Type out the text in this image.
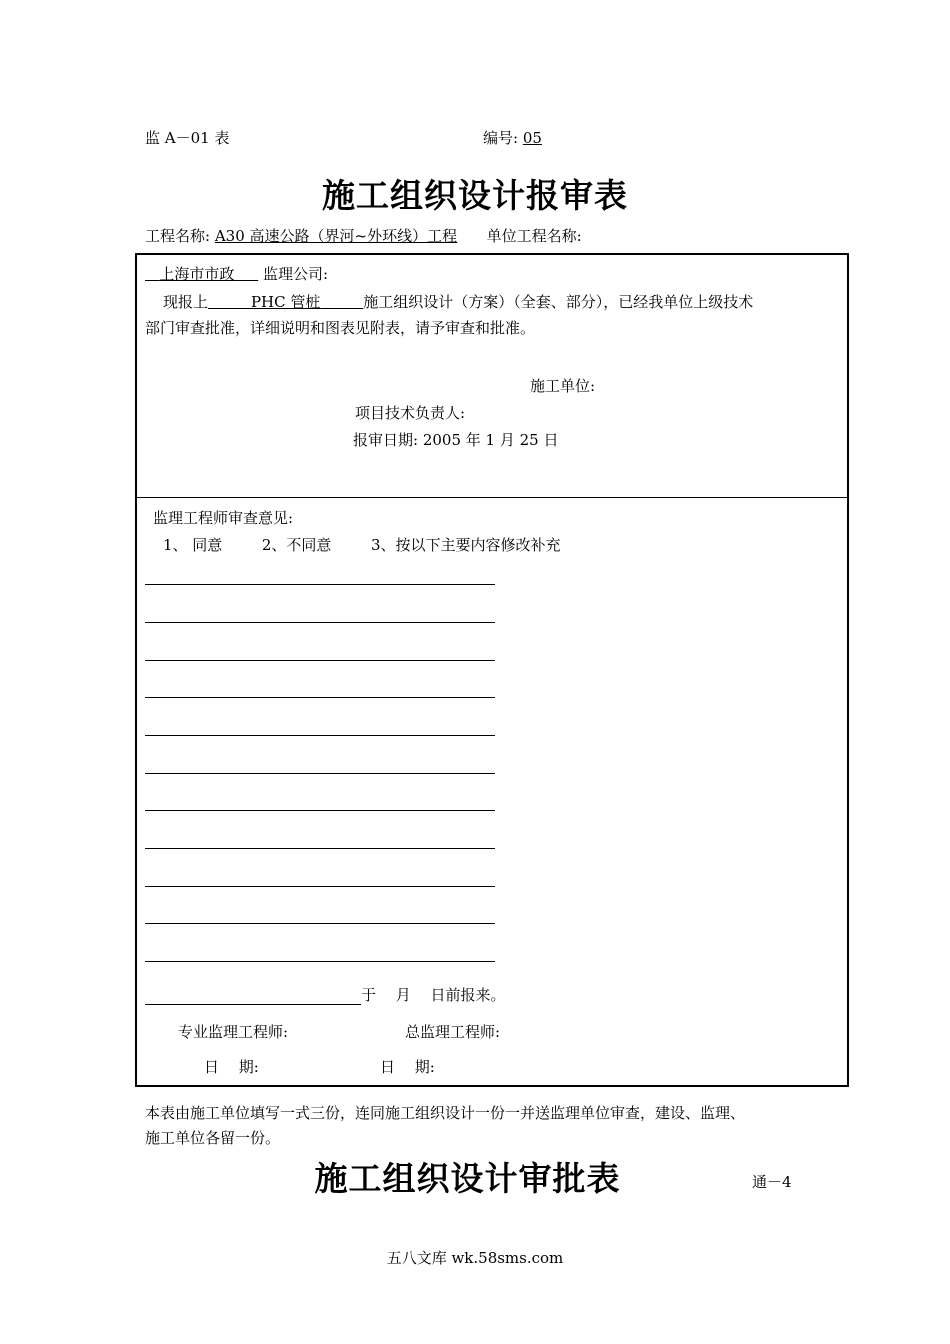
监 A－01 表	编号: 05
施工组织设计报审表
工程名称: A30 高速公路（界河~外环线）工程 单位工程名称:
上海市市政 监理公司:
现报上	PHC 管桩	施工组织设计（方案）（全套、部分），已经我单位上级技术
部门审查批准，详细说明和图表见附表，请予审查和批准。
施工单位:
项目技术负责人:
报审日期: 2005 年 1 月 25 日
监理工程师审查意见:
1、 同意	2、不同意	3、按以下主要内容修改补充
于　 月 　日前报来。
专业监理工程师:	总监理工程师:
日　 期:	日　 期:
本表由施工单位填写一式三份，连同施工组织设计一份一并送监理单位审查，建设、监理、
施工单位各留一份。
施工组织设计审批表	通－4
五八文库 wk.58sms.com
